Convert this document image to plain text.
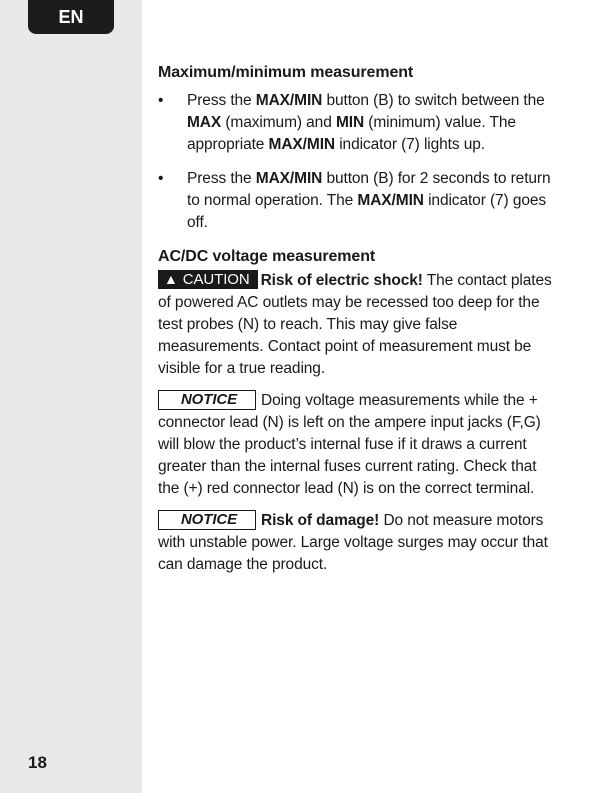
EN
18
Maximum/minimum measurement
• Press the MAX/MIN button (B) to switch between the MAX (maximum) and MIN (minimum) value. The appropriate MAX/MIN indicator (7) lights up.
• Press the MAX/MIN button (B) for 2 seconds to return to normal operation. The MAX/MIN indicator (7) goes off.
AC/DC voltage measurement

▲ CAUTION Risk of electric shock! The contact plates of powered AC outlets may be recessed too deep for the test probes (N) to reach. This may give false measurements. Contact point of measurement must be visible for a true reading.

NOTICE Doing voltage measurements while the + connector lead (N) is left on the ampere input jacks (F,G) will blow the product’s internal fuse if it draws a current greater than the internal fuses current rating. Check that the (+) red connector lead (N) is on the correct terminal.

NOTICE Risk of damage! Do not measure motors with unstable power. Large voltage surges may occur that can damage the product.
